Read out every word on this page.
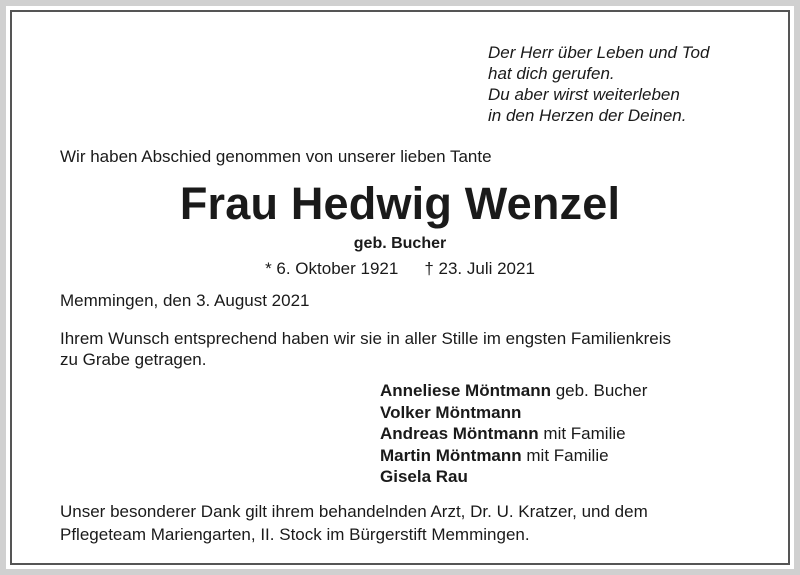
Der Herr über Leben und Tod
hat dich gerufen.
Du aber wirst weiterleben
in den Herzen der Deinen.
Wir haben Abschied genommen von unserer lieben Tante
Frau Hedwig Wenzel
geb. Bucher
* 6. Oktober 1921 † 23. Juli 2021
Memmingen, den 3. August 2021

Ihrem Wunsch entsprechend haben wir sie in aller Stille im engsten Familienkreis
zu Grabe getragen.

Anneliese Möntmann geb. Bucher
Volker Möntmann
Andreas Möntmann mit Familie
Martin Möntmann mit Familie
Gisela Rau

Unser besonderer Dank gilt ihrem behandelnden Arzt, Dr. U. Kratzer, und dem
Pflegeteam Mariengarten, II. Stock im Bürgerstift Memmingen.
